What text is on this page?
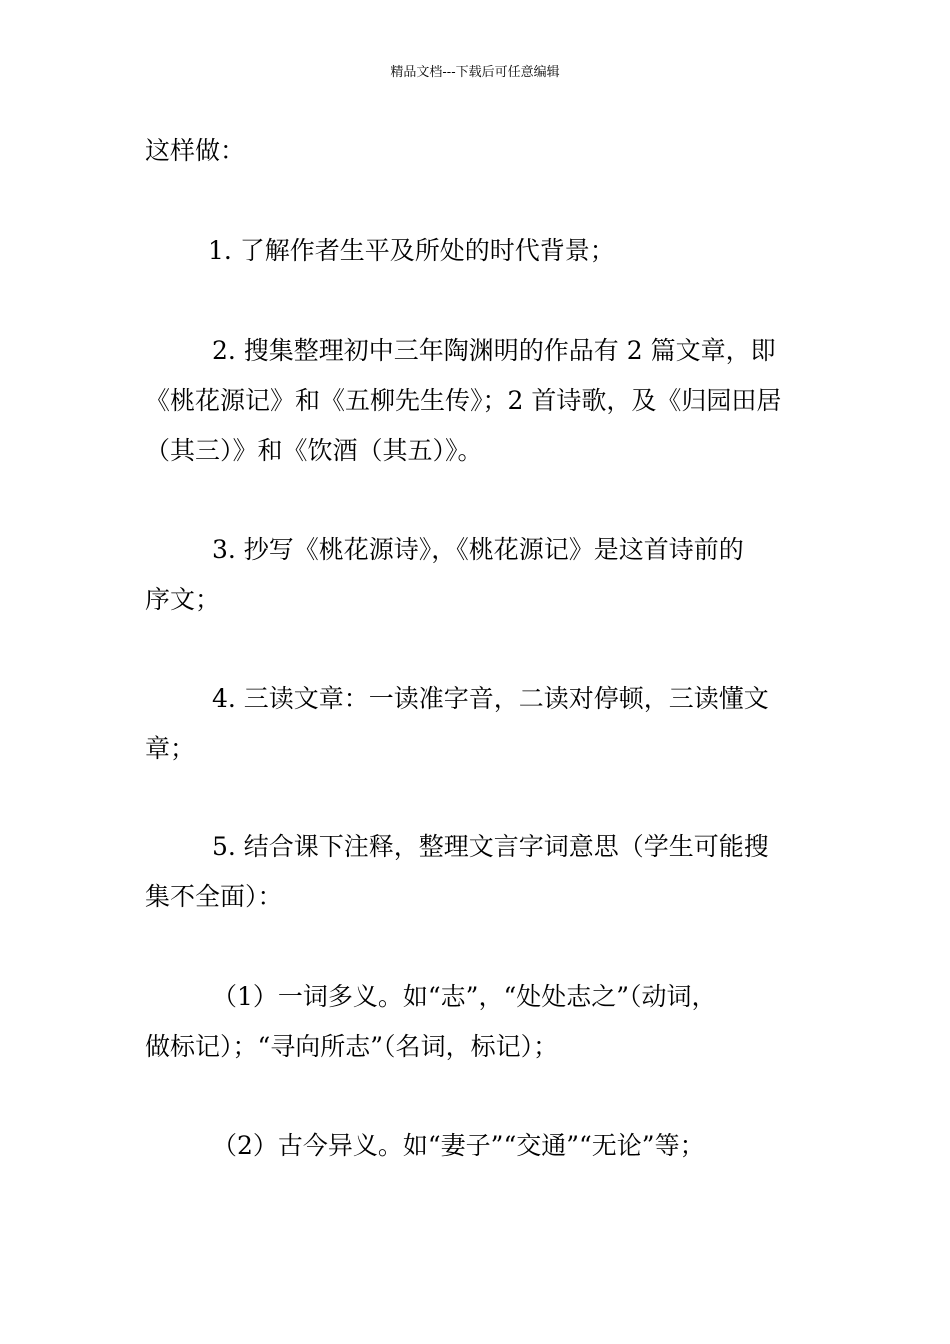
精品文档---下载后可任意编辑
这样做：
1. 了解作者生平及所处的时代背景；
2. 搜集整理初中三年陶渊明的作品有 2 篇文章，即
《桃花源记》和《五柳先生传》；2 首诗歌，及《归园田居
（其三）》和《饮酒（其五）》。
3. 抄写《桃花源诗》，《桃花源记》是这首诗前的
序文；
4. 三读文章：一读准字音，二读对停顿，三读懂文
章；
5. 结合课下注释，整理文言字词意思（学生可能搜
集不全面）：
（1）一词多义。如“志”，“处处志之”（动词，
做标记）；“寻向所志”（名词，标记）；
（2）古今异义。如“妻子”“交通”“无论”等；
